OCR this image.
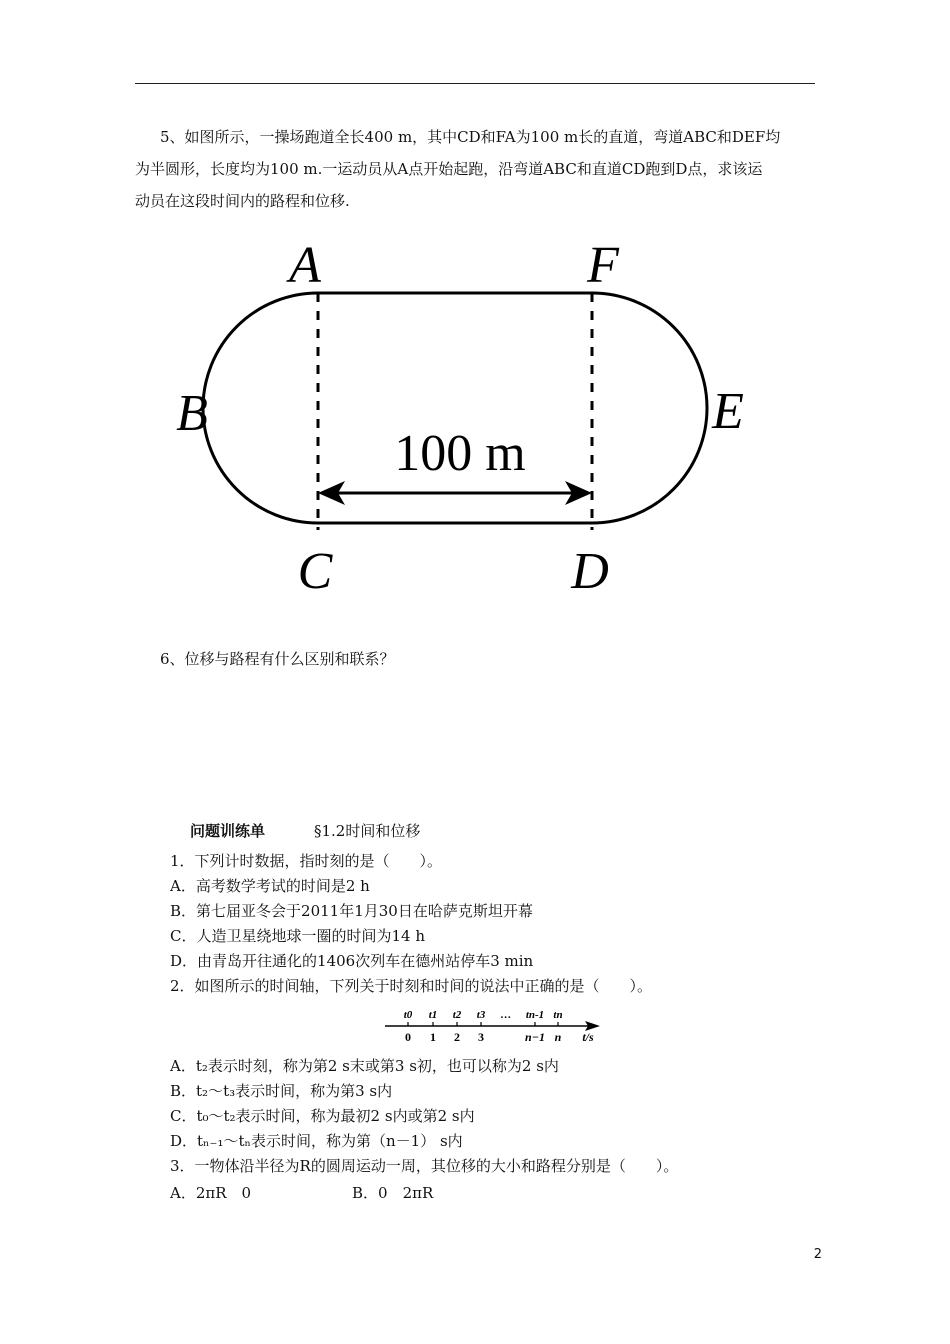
5、如图所示，一操场跑道全长400 m，其中CD和FA为100 m长的直道，弯道ABC和DEF均
为半圆形，长度均为100 m.一运动员从A点开始起跑，沿弯道ABC和直道CD跑到D点，求该运
动员在这段时间内的路程和位移.
100 m
A	F
B	E
C	D
6、位移与路程有什么区别和联系？
问题训练单	§1.2时间和位移
1．下列计时数据，指时刻的是（　　）。
A．高考数学考试的时间是2 h
B．第七届亚冬会于2011年1月30日在哈萨克斯坦开幕
C．人造卫星绕地球一圈的时间为14 h
D．由青岛开往通化的1406次列车在德州站停车3 min
2．如图所示的时间轴，下列关于时刻和时间的说法中正确的是（　　）。
t0 t1 t2 t3 … tn-1 tn
0 1 2 3	n−1 n t/s
A．t₂表示时刻，称为第2 s末或第3 s初，也可以称为2 s内
B．t₂～t₃表示时间，称为第3 s内
C．t₀～t₂表示时间，称为最初2 s内或第2 s内
D．tₙ₋₁～tₙ表示时间，称为第（n－1） s内
3．一物体沿半径为R的圆周运动一周，其位移的大小和路程分别是（　　）。
A．2πR　0	B．0　2πR
2
